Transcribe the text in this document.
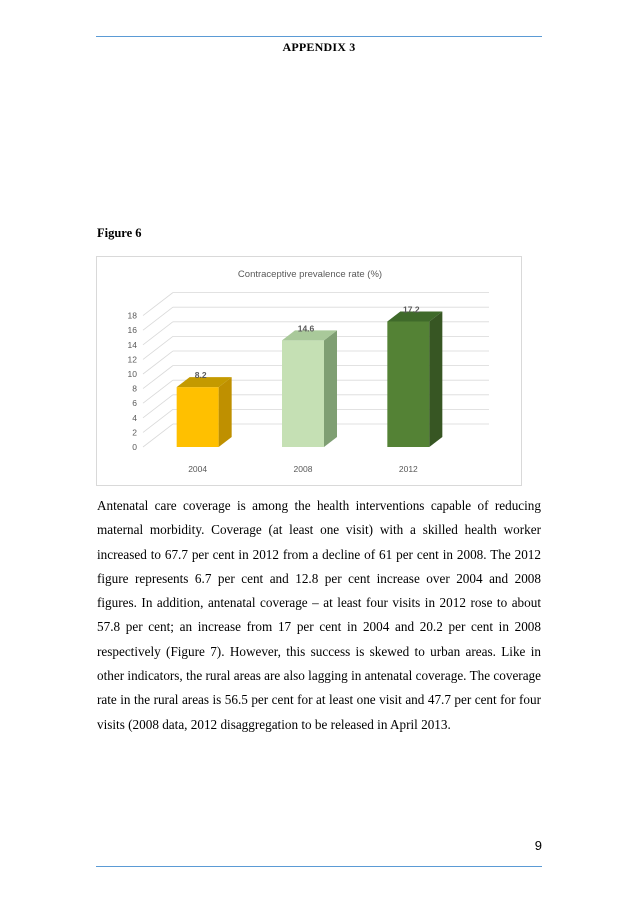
APPENDIX 3
Figure 6
Contraceptive prevalence rate (%)
0
2
4
6
8
10
12
14
16
18
8.2
14.6
17.2
2004	2008	2012

Antenatal care coverage is among the health interventions capable of reducing maternal morbidity. Coverage (at least one visit) with a skilled health worker increased to 67.7 per cent in 2012 from a decline of 61 per cent in 2008. The 2012 figure represents 6.7 per cent and 12.8 per cent increase over 2004 and 2008 figures. In addition, antenatal coverage – at least four visits in 2012 rose to about 57.8 per cent; an increase from 17 per cent in 2004 and 20.2 per cent in 2008 respectively (Figure 7). However, this success is skewed to urban areas. Like in other indicators, the rural areas are also lagging in antenatal coverage. The coverage rate in the rural areas is 56.5 per cent for at least one visit and 47.7 per cent for four visits (2008 data, 2012 disaggregation to be released in April 2013.

9
